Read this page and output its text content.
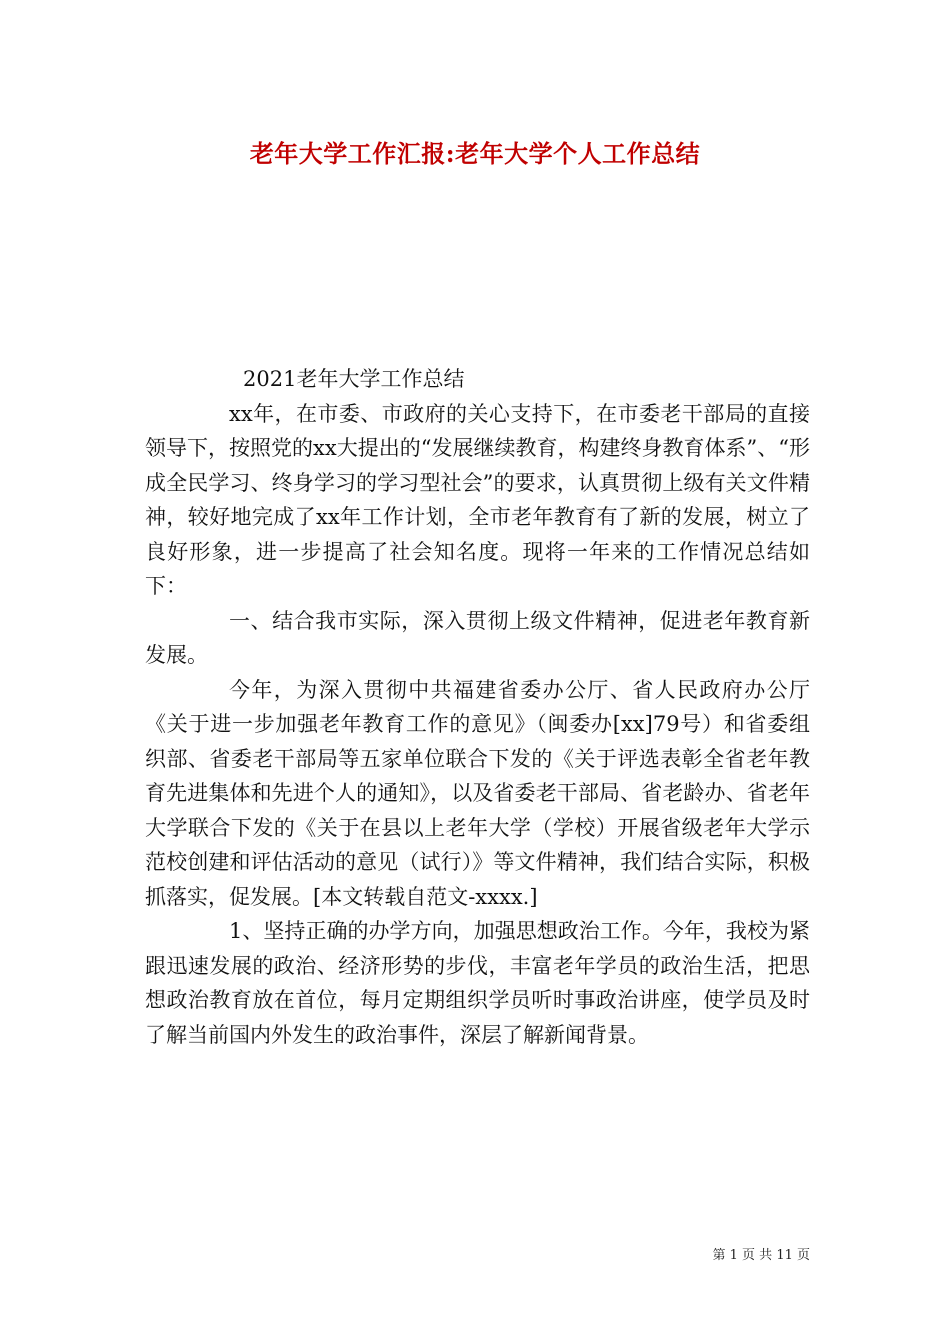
老年大学工作汇报:老年大学个人工作总结

2021老年大学工作总结

xx年，在市委、市政府的关心支持下，在市委老干部局的直接领导下，按照党的xx大提出的“发展继续教育，构建终身教育体系”、“形成全民学习、终身学习的学习型社会”的要求，认真贯彻上级有关文件精神，较好地完成了xx年工作计划，全市老年教育有了新的发展，树立了良好形象，进一步提高了社会知名度。现将一年来的工作情况总结如下：

一、结合我市实际，深入贯彻上级文件精神，促进老年教育新发展。

今年，为深入贯彻中共福建省委办公厅、省人民政府办公厅《关于进一步加强老年教育工作的意见》（闽委办[xx]79号）和省委组织部、省委老干部局等五家单位联合下发的《关于评选表彰全省老年教育先进集体和先进个人的通知》，以及省委老干部局、省老龄办、省老年大学联合下发的《关于在县以上老年大学（学校）开展省级老年大学示范校创建和评估活动的意见（试行）》等文件精神，我们结合实际，积极抓落实，促发展。[本文转载自范文-xxxx.]

1、坚持正确的办学方向，加强思想政治工作。今年，我校为紧跟迅速发展的政治、经济形势的步伐，丰富老年学员的政治生活，把思想政治教育放在首位，每月定期组织学员听时事政治讲座，使学员及时了解当前国内外发生的政治事件，深层了解新闻背景。

第 1 页 共 11 页
